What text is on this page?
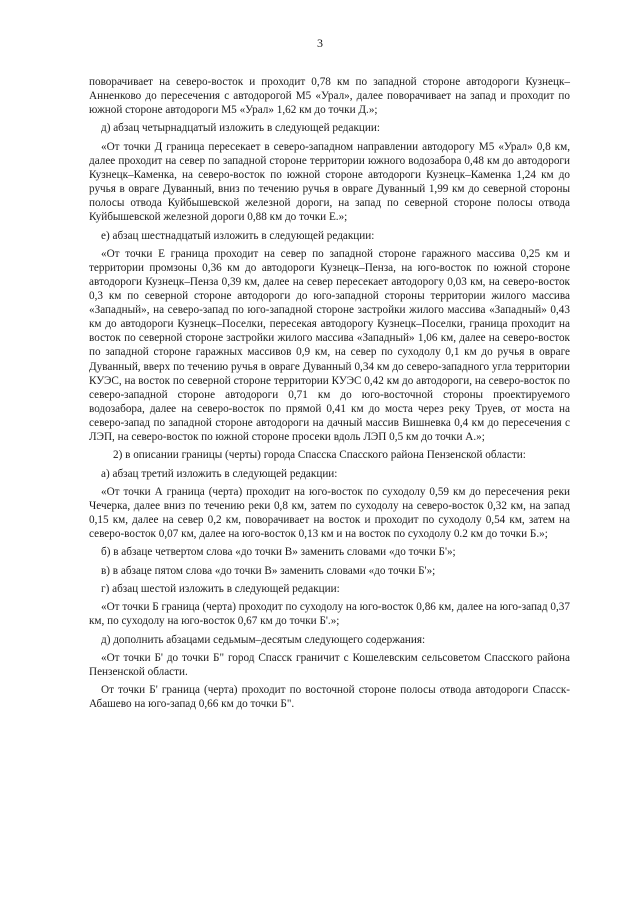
3

поворачивает на северо-восток и проходит 0,78 км по западной стороне автодороги Кузнецк–Анненково до пересечения с автодорогой М5 «Урал», далее поворачивает на запад и проходит по южной стороне автодороги М5 «Урал» 1,62 км до точки Д.»;

д) абзац четырнадцатый изложить в следующей редакции:

«От точки Д граница пересекает в северо-западном направлении автодорогу М5 «Урал» 0,8 км, далее проходит на север по западной стороне территории южного водозабора 0,48 км до автодороги Кузнецк–Каменка, на северо-восток по южной стороне автодороги Кузнецк–Каменка 1,24 км до ручья в овраге Дуванный, вниз по течению ручья в овраге Дуванный 1,99 км до северной стороны полосы отвода Куйбышевской железной дороги, на запад по северной стороне полосы отвода Куйбышевской железной дороги 0,88 км до точки Е.»;

е) абзац шестнадцатый изложить в следующей редакции:

«От точки Е граница проходит на север по западной стороне гаражного массива 0,25 км и территории промзоны 0,36 км до автодороги Кузнецк–Пенза, на юго-восток по южной стороне автодороги Кузнецк–Пенза 0,39 км, далее на север пересекает автодорогу 0,03 км, на северо-восток 0,3 км по северной стороне автодороги до юго-западной стороны территории жилого массива «Западный», на северо-запад по юго-западной стороне застройки жилого массива «Западный» 0,43 км до автодороги Кузнецк–Поселки, пересекая автодорогу Кузнецк–Поселки, граница проходит на восток по северной стороне застройки жилого массива «Западный» 1,06 км, далее на северо-восток по западной стороне гаражных массивов 0,9 км, на север по суходолу 0,1 км до ручья в овраге Дуванный, вверх по течению ручья в овраге Дуванный 0,34 км до северо-западного угла территории КУЭС, на восток по северной стороне территории КУЭС 0,42 км до автодороги, на северо-восток по северо-западной стороне автодороги 0,71 км до юго-восточной стороны проектируемого водозабора, далее на северо-восток по прямой 0,41 км до моста через реку Труев, от моста на северо-запад по западной стороне автодороги на дачный массив Вишневка 0,4 км до пересечения с ЛЭП, на северо-восток по южной стороне просеки вдоль ЛЭП 0,5 км до точки А.»;

2) в описании границы (черты) города Спасска Спасского района Пензенской области:

а) абзац третий изложить в следующей редакции:

«От точки А граница (черта) проходит на юго-восток по суходолу 0,59 км до пересечения реки Чечерка, далее вниз по течению реки 0,8 км, затем по суходолу на северо-восток 0,32 км, на запад 0,15 км, далее на север 0,2 км, поворачивает на восток и проходит по суходолу 0,54 км, затем на северо-восток 0,07 км, далее на юго-восток 0,13 км и на восток по суходолу 0.2 км до точки Б.»;

б) в абзаце четвертом слова «до точки В» заменить словами «до точки Б'»;

в) в абзаце пятом слова «до точки В» заменить словами «до точки Б'»;

г) абзац шестой изложить в следующей редакции:

«От точки Б граница (черта) проходит по суходолу на юго-восток 0,86 км, далее на юго-запад 0,37 км, по суходолу на юго-восток 0,67 км до точки Б'.»;

д) дополнить абзацами седьмым–десятым следующего содержания:

«От точки Б' до точки Б" город Спасск граничит с Кошелевским сельсоветом Спасского района Пензенской области.

От точки Б' граница (черта) проходит по восточной стороне полосы отвода автодороги Спасск-Абашево на юго-запад 0,66 км до точки Б".
